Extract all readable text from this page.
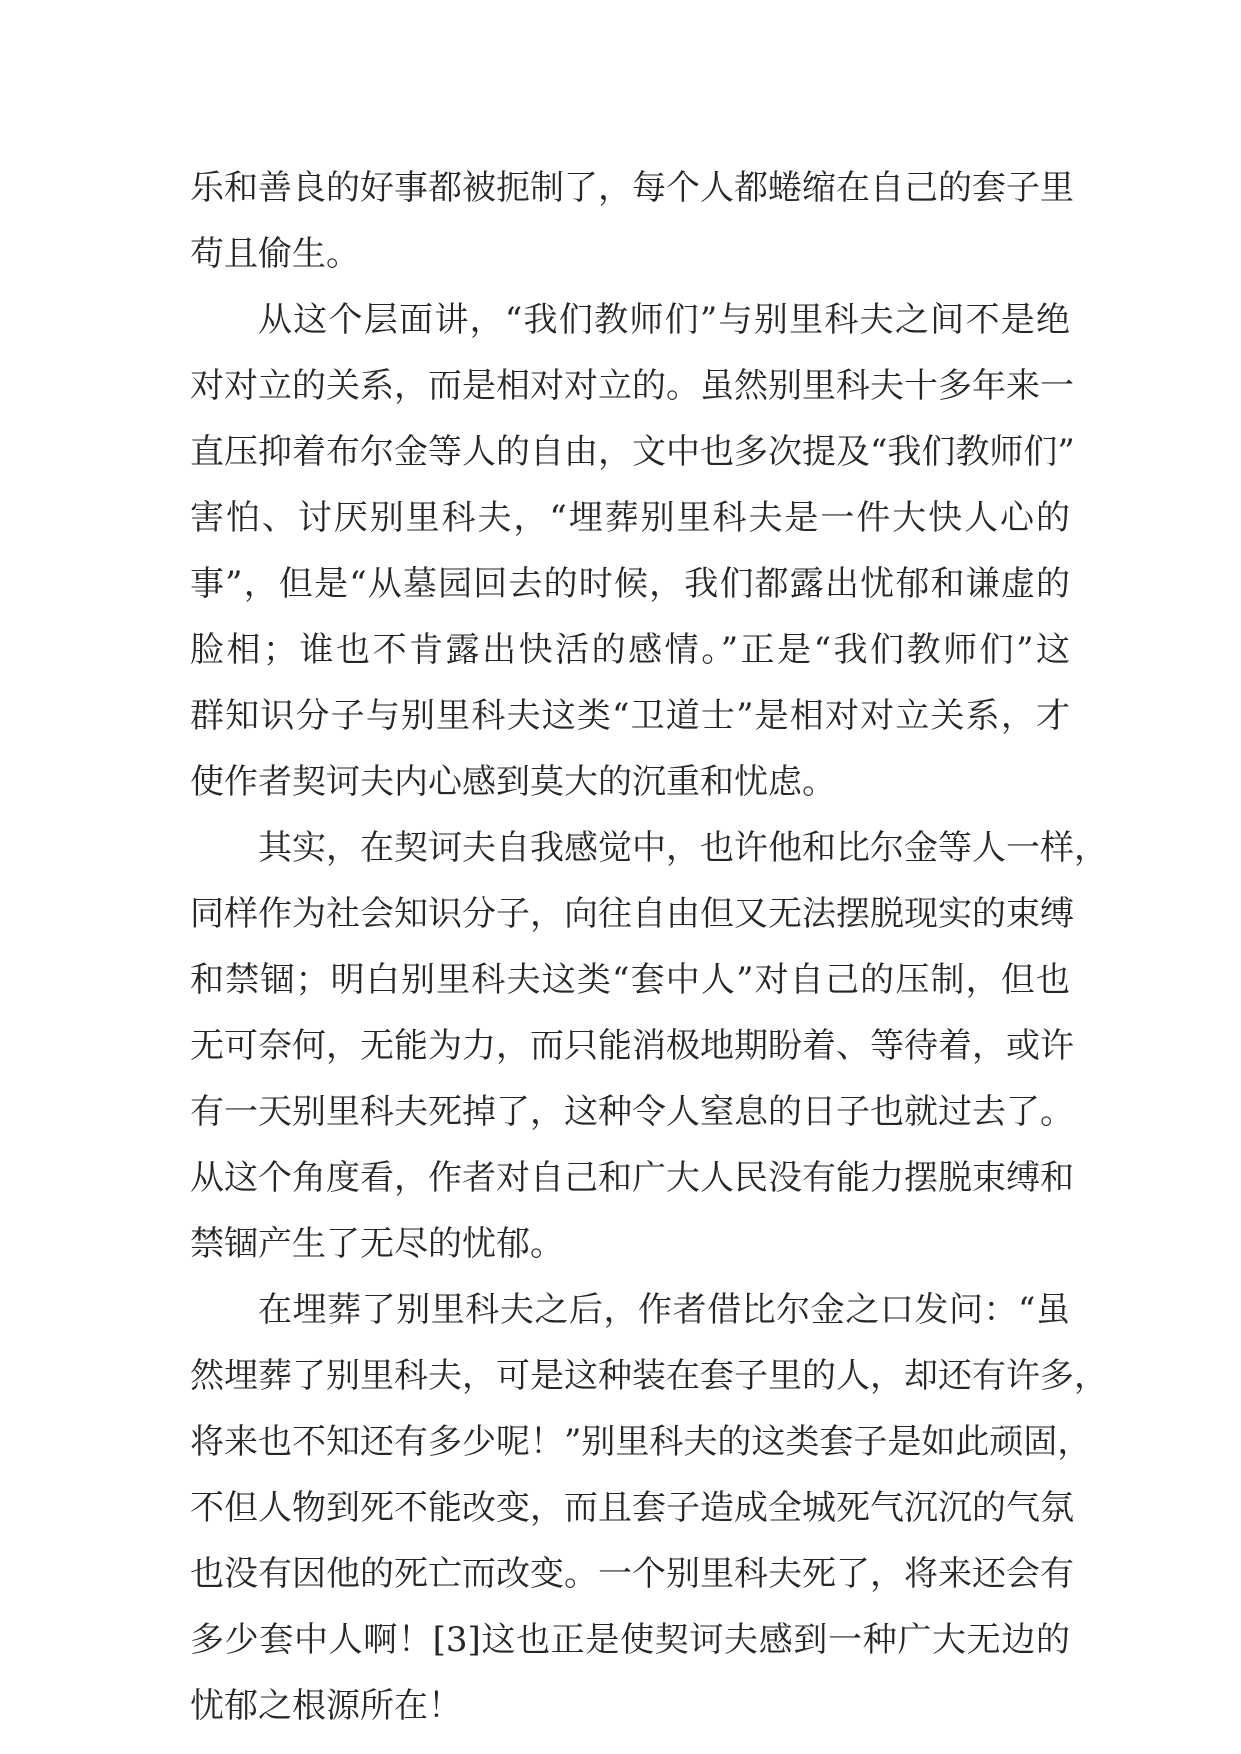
乐和善良的好事都被扼制了，每个人都蜷缩在自己的套子里
苟且偷生。
从这个层面讲，“我们教师们”与别里科夫之间不是绝
对对立的关系，而是相对对立的。虽然别里科夫十多年来一
直压抑着布尔金等人的自由，文中也多次提及“我们教师们”
害怕、讨厌别里科夫，“埋葬别里科夫是一件大快人心的
事”，但是“从墓园回去的时候，我们都露出忧郁和谦虚的
脸相；谁也不肯露出快活的感情。”正是“我们教师们”这
群知识分子与别里科夫这类“卫道士”是相对对立关系，才
使作者契诃夫内心感到莫大的沉重和忧虑。
其实，在契诃夫自我感觉中，也许他和比尔金等人一样，
同样作为社会知识分子，向往自由但又无法摆脱现实的束缚
和禁锢；明白别里科夫这类“套中人”对自己的压制，但也
无可奈何，无能为力，而只能消极地期盼着、等待着，或许
有一天别里科夫死掉了，这种令人窒息的日子也就过去了。
从这个角度看，作者对自己和广大人民没有能力摆脱束缚和
禁锢产生了无尽的忧郁。
在埋葬了别里科夫之后，作者借比尔金之口发问：“虽
然埋葬了别里科夫，可是这种装在套子里的人，却还有许多，
将来也不知还有多少呢！”别里科夫的这类套子是如此顽固，
不但人物到死不能改变，而且套子造成全城死气沉沉的气氛
也没有因他的死亡而改变。一个别里科夫死了，将来还会有
多少套中人啊！[3]这也正是使契诃夫感到一种广大无边的
忧郁之根源所在！
